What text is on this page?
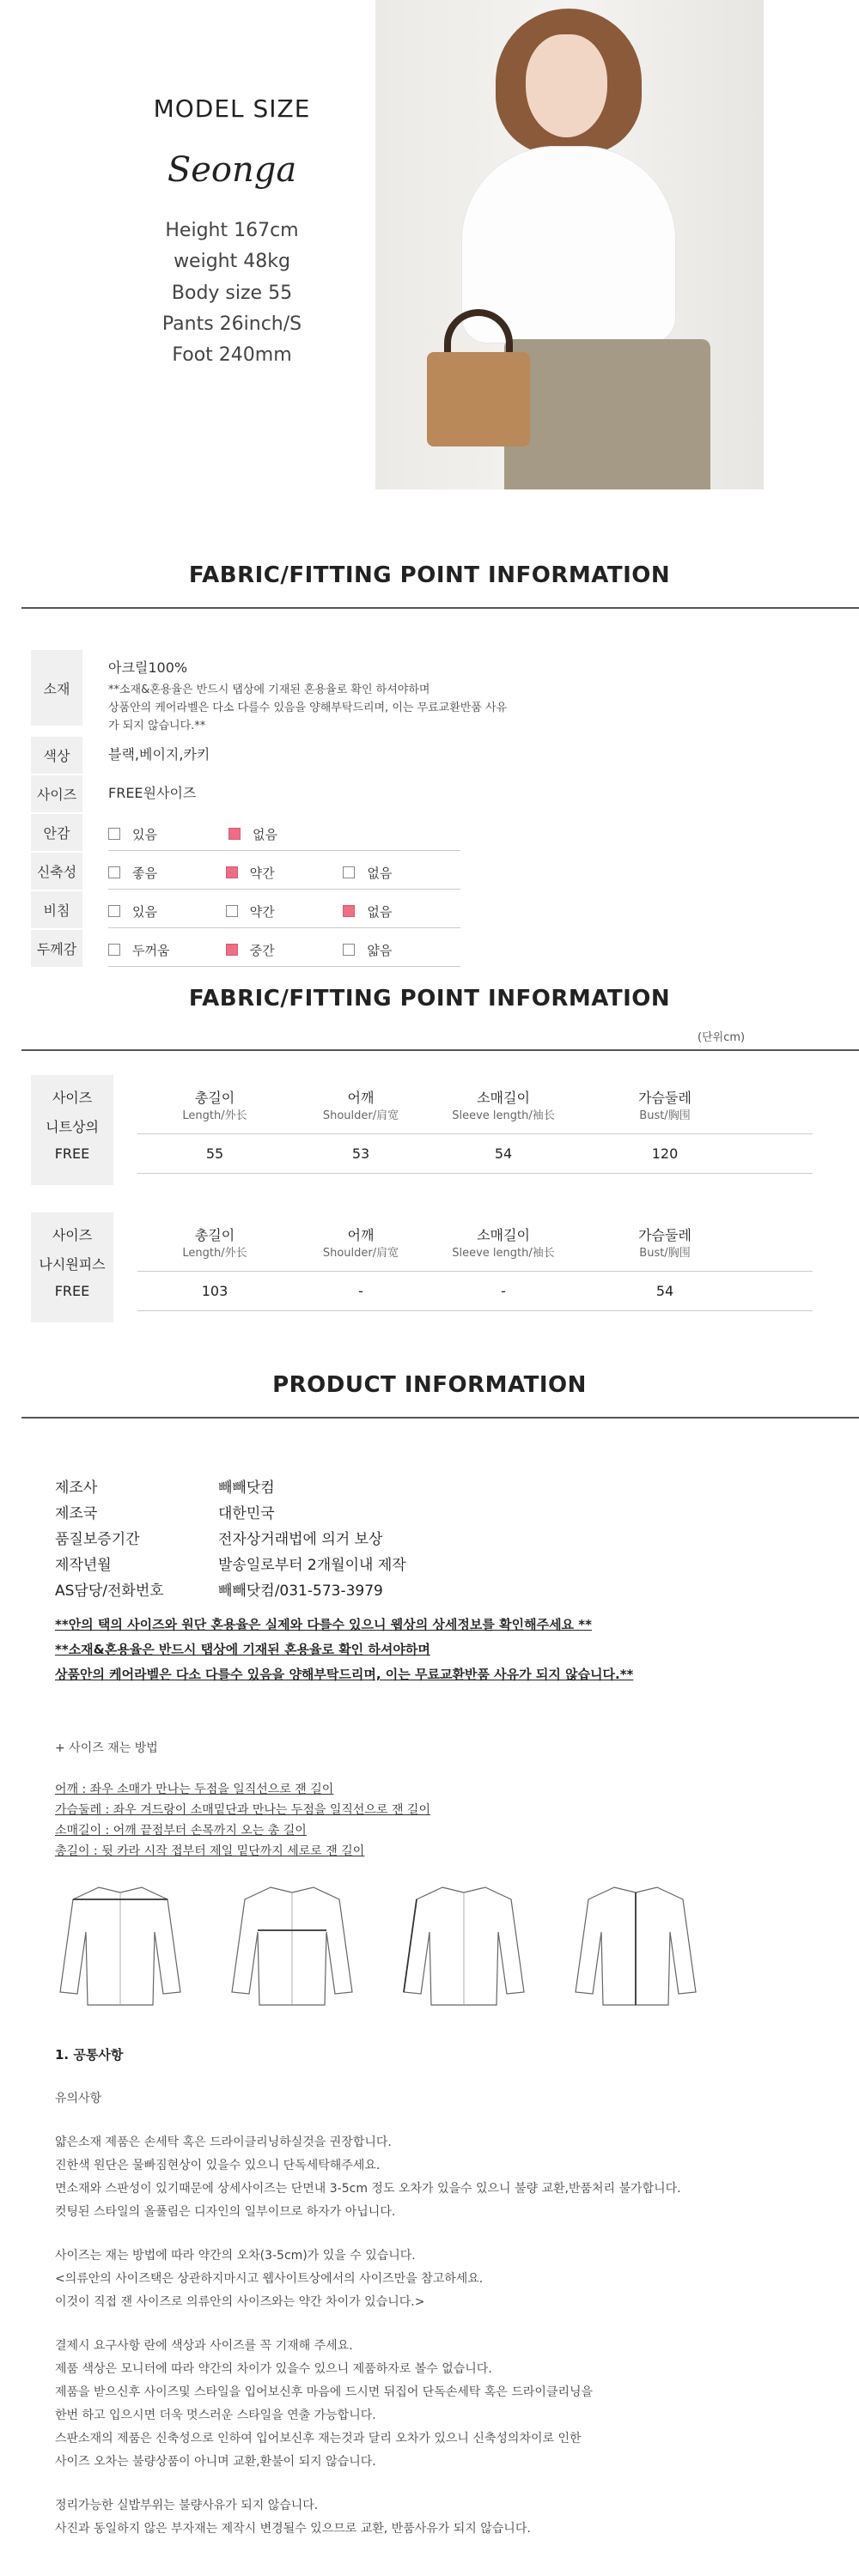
MODEL SIZE
Seonga
Height 167cm
weight 48kg
Body size 55
Pants 26inch/S
Foot 240mm
FABRIC/FITTING POINT INFORMATION
소재
아크릴100%
**소재&혼용율은 반드시 탭상에 기재된 혼용율로 확인 하셔야하며
상품안의 케어라벨은 다소 다를수 있음을 양해부탁드리며, 이는 무료교환반품 사유가 되지 않습니다.**
색상	블랙,베이지,카키
사이즈	FREE원사이즈
안감	있음	없음
신축성	좋음	약간	없음
비침	있음	약간	없음
두께감	두꺼움	중간	얇음
FABRIC/FITTING POINT INFORMATION
(단위cm)
사이즈
니트상의
FREE
총길이	어깨	소매길이	가슴둘레
Length/外长	Shoulder/肩宽	Sleeve length/袖长	Bust/胸围
55	53	54	120
사이즈
나시원피스
FREE
총길이	어깨	소매길이	가슴둘레
Length/外长	Shoulder/肩宽	Sleeve length/袖长	Bust/胸围
103	-	-	54
PRODUCT INFORMATION
제조사	빼빼닷컴
제조국	대한민국
품질보증기간	전자상거래법에 의거 보상
제작년월	발송일로부터 2개월이내 제작
AS담당/전화번호	빼빼닷컴/031-573-3979
**안의 택의 사이즈와 원단 혼용율은 실제와 다를수 있으니 웹상의 상세정보를 확인해주세요 **
**소재&혼용율은 반드시 탭상에 기재된 혼용율로 확인 하셔야하며
상품안의 케어라벨은 다소 다를수 있음을 양해부탁드리며, 이는 무료교환반품 사유가 되지 않습니다.**
+ 사이즈 재는 방법
어깨 : 좌우 소매가 만나는 두점을 일직선으로 잰 길이
가슴둘레 : 좌우 겨드랑이 소매밑단과 만나는 두점을 일직선으로 잰 길이
소매길이 : 어깨 끝점부터 손목까지 오는 총 길이
총길이 : 뒷 카라 시작 접부터 제일 밑단까지 세로로 잰 길이
1. 공통사항
유의사항
얇은소재 제품은 손세탁 혹은 드라이클리닝하실것을 권장합니다.
진한색 원단은 물빠짐현상이 있을수 있으니 단독세탁해주세요.
면소재와 스판성이 있기때문에 상세사이즈는 단면내 3-5cm 정도 오차가 있을수 있으니 불량 교환,반품처리 불가합니다.
컷팅된 스타일의 올풀림은 디자인의 일부이므로 하자가 아닙니다.
사이즈는 재는 방법에 따라 약간의 오차(3-5cm)가 있을 수 있습니다.
<의류안의 사이즈택은 상관하지마시고 웹사이트상에서의 사이즈만을 참고하세요.
이것이 직접 잰 사이즈로 의류안의 사이즈와는 약간 차이가 있습니다.>
결제시 요구사항 란에 색상과 사이즈를 꼭 기재해 주세요.
제품 색상은 모니터에 따라 약간의 차이가 있을수 있으니 제품하자로 볼수 없습니다.
제품을 받으신후 사이즈및 스타일을 입어보신후 마음에 드시면 뒤집어 단독손세탁 혹은 드라이클리닝을
한번 하고 입으시면 더욱 멋스러운 스타일을 연출 가능합니다.
스판소재의 제품은 신축성으로 인하여 입어보신후 재는것과 달리 오차가 있으니 신축성의차이로 인한
사이즈 오차는 불량상품이 아니며 교환,환불이 되지 않습니다.
정리가능한 실밥부위는 불량사유가 되지 않습니다.
사진과 동일하지 않은 부자재는 제작시 변경될수 있으므로 교환, 반품사유가 되지 않습니다.
